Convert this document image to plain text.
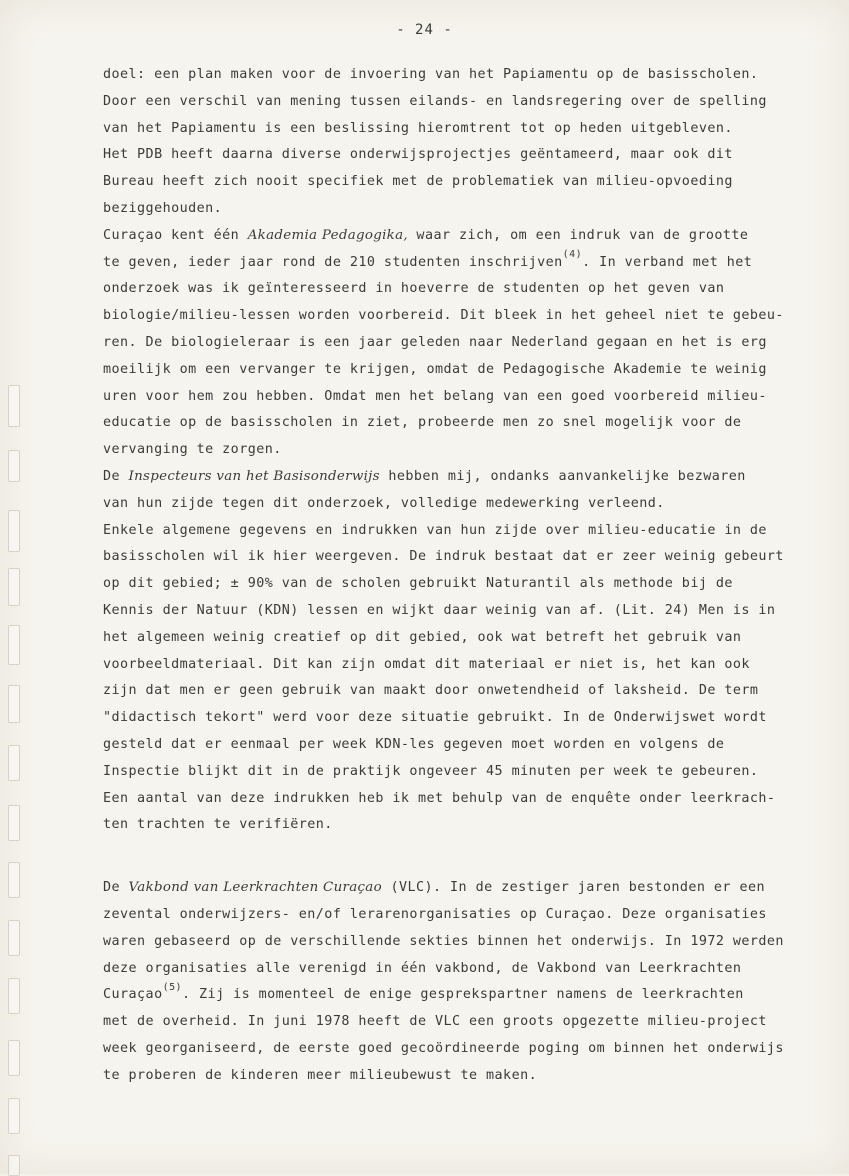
- 24 -

doel: een plan maken voor de invoering van het Papiamentu op de basisscholen.
Door een verschil van mening tussen eilands- en landsregering over de spelling
van het Papiamentu is een beslissing hieromtrent tot op heden uitgebleven.
Het PDB heeft daarna diverse onderwijsprojectjes geëntameerd, maar ook dit
Bureau heeft zich nooit specifiek met de problematiek van milieu-opvoeding
beziggehouden.

Curaçao kent één Akademia Pedagogika, waar zich, om een indruk van de grootte
te geven, ieder jaar rond de 210 studenten inschrijven$^{(4)}$. In verband met het
onderzoek was ik geïnteresseerd in hoeverre de studenten op het geven van
biologie/milieu-lessen worden voorbereid. Dit bleek in het geheel niet te gebeu-
ren. De biologieleraar is een jaar geleden naar Nederland gegaan en het is erg
moeilijk om een vervanger te krijgen, omdat de Pedagogische Akademie te weinig
uren voor hem zou hebben. Omdat men het belang van een goed voorbereid milieu-
educatie op de basisscholen in ziet, probeerde men zo snel mogelijk voor de
vervanging te zorgen.

De Inspecteurs van het Basisonderwijs hebben mij, ondanks aanvankelijke bezwaren
van hun zijde tegen dit onderzoek, volledige medewerking verleend.

Enkele algemene gegevens en indrukken van hun zijde over milieu-educatie in de
basisscholen wil ik hier weergeven. De indruk bestaat dat er zeer weinig gebeurt
op dit gebied; ± 90% van de scholen gebruikt Naturantil als methode bij de
Kennis der Natuur (KDN) lessen en wijkt daar weinig van af. (Lit. 24) Men is in
het algemeen weinig creatief op dit gebied, ook wat betreft het gebruik van
voorbeeldmateriaal. Dit kan zijn omdat dit materiaal er niet is, het kan ook
zijn dat men er geen gebruik van maakt door onwetendheid of laksheid. De term
"didactisch tekort" werd voor deze situatie gebruikt. In de Onderwijswet wordt
gesteld dat er eenmaal per week KDN-les gegeven moet worden en volgens de
Inspectie blijkt dit in de praktijk ongeveer 45 minuten per week te gebeuren.
Een aantal van deze indrukken heb ik met behulp van de enquête onder leerkrach-
ten trachten te verifiëren.

De Vakbond van Leerkrachten Curaçao (VLC). In de zestiger jaren bestonden er een
zevental onderwijzers- en/of lerarenorganisaties op Curaçao. Deze organisaties
waren gebaseerd op de verschillende sekties binnen het onderwijs. In 1972 werden
deze organisaties alle verenigd in één vakbond, de Vakbond van Leerkrachten
Curaçao$^{(5)}$. Zij is momenteel de enige gesprekspartner namens de leerkrachten
met de overheid. In juni 1978 heeft de VLC een groots opgezette milieu-project
week georganiseerd, de eerste goed gecoördineerde poging om binnen het onderwijs
te proberen de kinderen meer milieubewust te maken.
